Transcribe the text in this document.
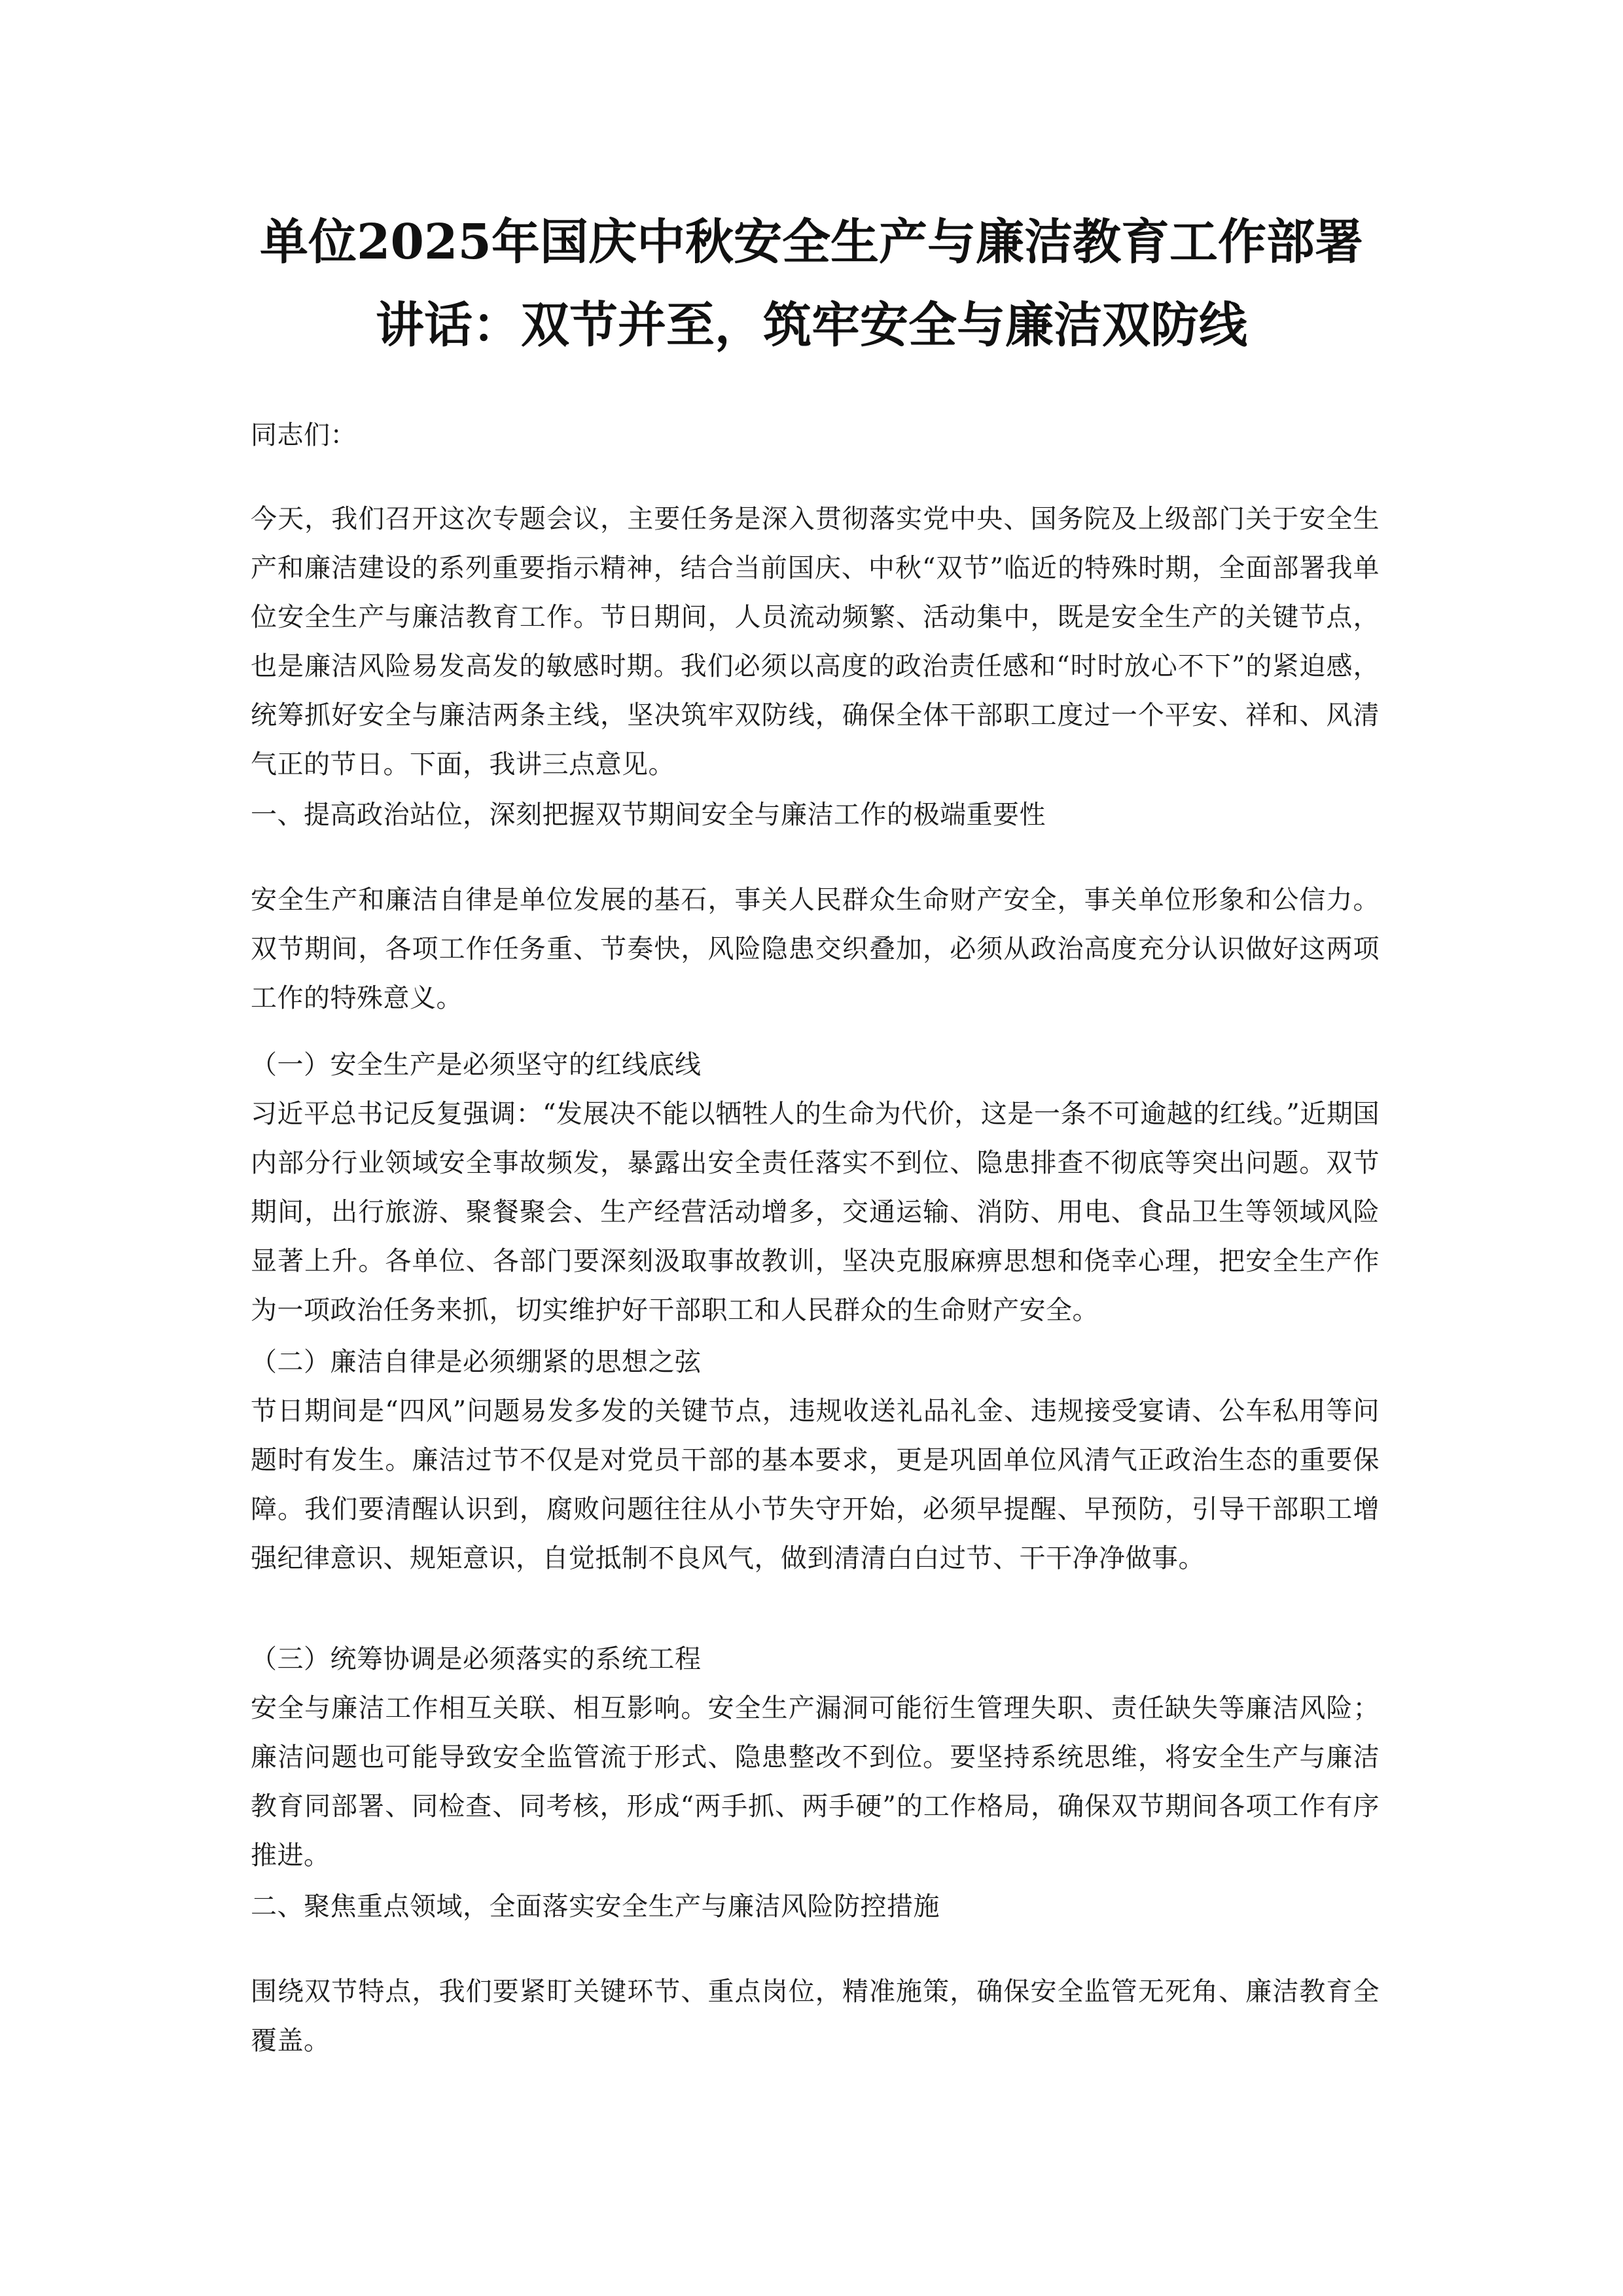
单位2025年国庆中秋安全生产与廉洁教育工作部署
讲话：双节并至，筑牢安全与廉洁双防线

同志们：

今天，我们召开这次专题会议，主要任务是深入贯彻落实党中央、国务院及上级部门关于安全生产和廉洁建设的系列重要指示精神，结合当前国庆、中秋“双节”临近的特殊时期，全面部署我单位安全生产与廉洁教育工作。节日期间，人员流动频繁、活动集中，既是安全生产的关键节点，也是廉洁风险易发高发的敏感时期。我们必须以高度的政治责任感和“时时放心不下”的紧迫感，统筹抓好安全与廉洁两条主线，坚决筑牢双防线，确保全体干部职工度过一个平安、祥和、风清气正的节日。下面，我讲三点意见。

一、提高政治站位，深刻把握双节期间安全与廉洁工作的极端重要性

安全生产和廉洁自律是单位发展的基石，事关人民群众生命财产安全，事关单位形象和公信力。双节期间，各项工作任务重、节奏快，风险隐患交织叠加，必须从政治高度充分认识做好这两项工作的特殊意义。

（一）安全生产是必须坚守的红线底线

习近平总书记反复强调：“发展决不能以牺牲人的生命为代价，这是一条不可逾越的红线。”近期国内部分行业领域安全事故频发，暴露出安全责任落实不到位、隐患排查不彻底等突出问题。双节期间，出行旅游、聚餐聚会、生产经营活动增多，交通运输、消防、用电、食品卫生等领域风险显著上升。各单位、各部门要深刻汲取事故教训，坚决克服麻痹思想和侥幸心理，把安全生产作为一项政治任务来抓，切实维护好干部职工和人民群众的生命财产安全。

（二）廉洁自律是必须绷紧的思想之弦

节日期间是“四风”问题易发多发的关键节点，违规收送礼品礼金、违规接受宴请、公车私用等问题时有发生。廉洁过节不仅是对党员干部的基本要求，更是巩固单位风清气正政治生态的重要保障。我们要清醒认识到，腐败问题往往从小节失守开始，必须早提醒、早预防，引导干部职工增强纪律意识、规矩意识，自觉抵制不良风气，做到清清白白过节、干干净净做事。

（三）统筹协调是必须落实的系统工程

安全与廉洁工作相互关联、相互影响。安全生产漏洞可能衍生管理失职、责任缺失等廉洁风险；廉洁问题也可能导致安全监管流于形式、隐患整改不到位。要坚持系统思维，将安全生产与廉洁教育同部署、同检查、同考核，形成“两手抓、两手硬”的工作格局，确保双节期间各项工作有序推进。

二、聚焦重点领域，全面落实安全生产与廉洁风险防控措施

围绕双节特点，我们要紧盯关键环节、重点岗位，精准施策，确保安全监管无死角、廉洁教育全覆盖。
